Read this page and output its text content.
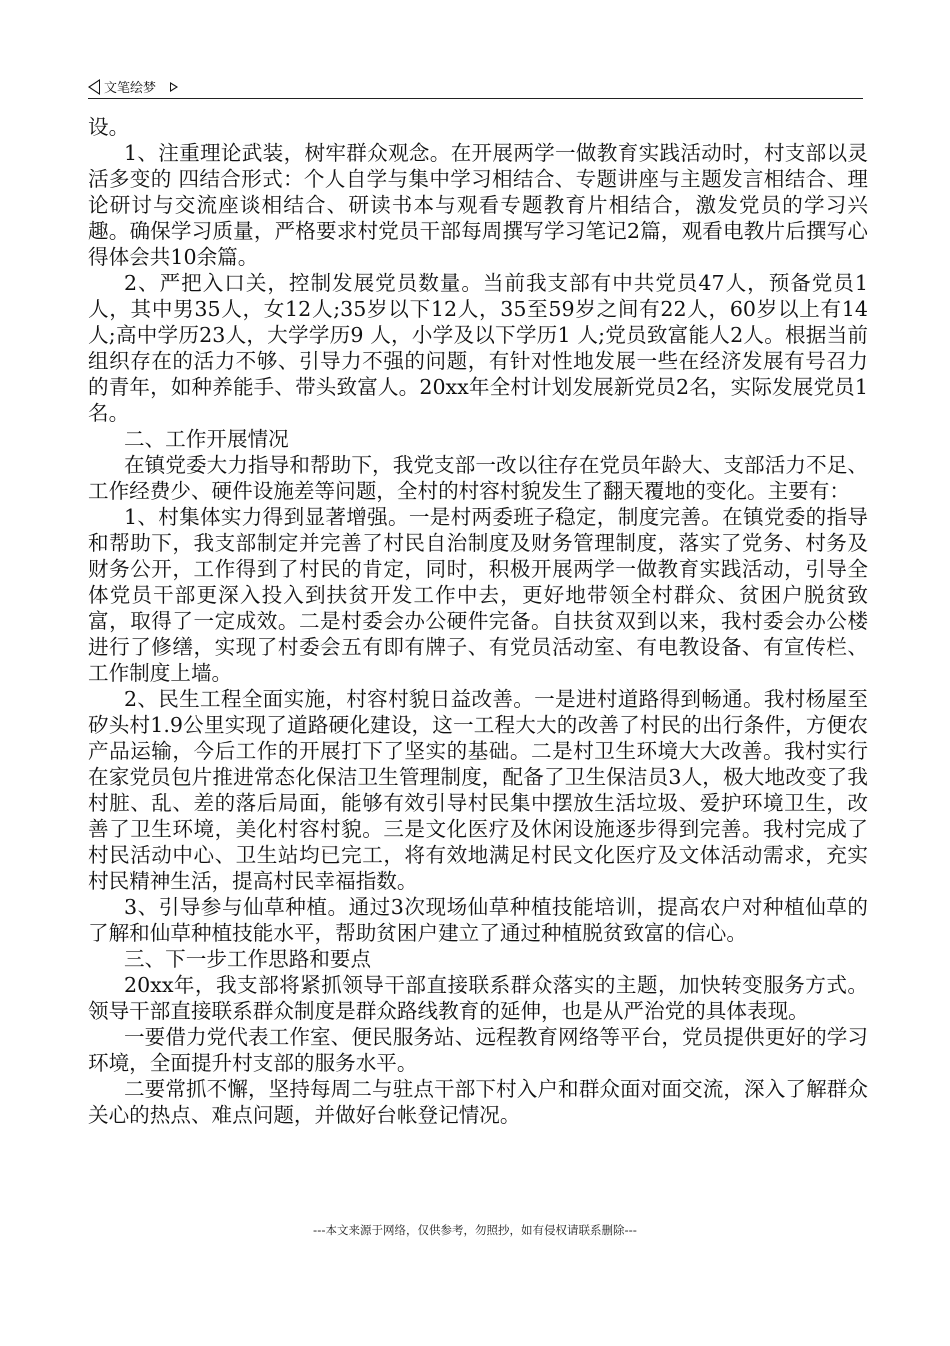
文笔绘梦

设。

1、注重理论武装，树牢群众观念。在开展两学一做教育实践活动时，村支部以灵活多变的 四结合形式：个人自学与集中学习相结合、专题讲座与主题发言相结合、理论研讨与交流座谈相结合、研读书本与观看专题教育片相结合，激发党员的学习兴趣。确保学习质量，严格要求村党员干部每周撰写学习笔记2篇，观看电教片后撰写心得体会共10余篇。

2、严把入口关，控制发展党员数量。当前我支部有中共党员47人，预备党员1人，其中男35人，女12人;35岁以下12人，35至59岁之间有22人，60岁以上有14人;高中学历23人，大学学历9 人，小学及以下学历1 人;党员致富能人2人。根据当前组织存在的活力不够、引导力不强的问题，有针对性地发展一些在经济发展有号召力的青年，如种养能手、带头致富人。20xx年全村计划发展新党员2名，实际发展党员1名。

二、工作开展情况

在镇党委大力指导和帮助下，我党支部一改以往存在党员年龄大、支部活力不足、工作经费少、硬件设施差等问题，全村的村容村貌发生了翻天覆地的变化。主要有：

1、村集体实力得到显著增强。一是村两委班子稳定，制度完善。在镇党委的指导和帮助下，我支部制定并完善了村民自治制度及财务管理制度，落实了党务、村务及财务公开，工作得到了村民的肯定，同时，积极开展两学一做教育实践活动，引导全体党员干部更深入投入到扶贫开发工作中去，更好地带领全村群众、贫困户脱贫致富，取得了一定成效。二是村委会办公硬件完备。自扶贫双到以来，我村委会办公楼进行了修缮，实现了村委会五有即有牌子、有党员活动室、有电教设备、有宣传栏、工作制度上墙。

2、民生工程全面实施，村容村貌日益改善。一是进村道路得到畅通。我村杨屋至矽头村1.9公里实现了道路硬化建设，这一工程大大的改善了村民的出行条件，方便农产品运输，今后工作的开展打下了坚实的基础。二是村卫生环境大大改善。我村实行在家党员包片推进常态化保洁卫生管理制度，配备了卫生保洁员3人，极大地改变了我村脏、乱、差的落后局面，能够有效引导村民集中摆放生活垃圾、爱护环境卫生，改善了卫生环境，美化村容村貌。三是文化医疗及休闲设施逐步得到完善。我村完成了村民活动中心、卫生站均已完工，将有效地满足村民文化医疗及文体活动需求，充实村民精神生活，提高村民幸福指数。

3、引导参与仙草种植。通过3次现场仙草种植技能培训，提高农户对种植仙草的了解和仙草种植技能水平，帮助贫困户建立了通过种植脱贫致富的信心。

三、下一步工作思路和要点

20xx年，我支部将紧抓领导干部直接联系群众落实的主题，加快转变服务方式。领导干部直接联系群众制度是群众路线教育的延伸，也是从严治党的具体表现。

一要借力党代表工作室、便民服务站、远程教育网络等平台，党员提供更好的学习环境，全面提升村支部的服务水平。

二要常抓不懈，坚持每周二与驻点干部下村入户和群众面对面交流，深入了解群众关心的热点、难点问题，并做好台帐登记情况。

---本文来源于网络，仅供参考，勿照抄，如有侵权请联系删除---
